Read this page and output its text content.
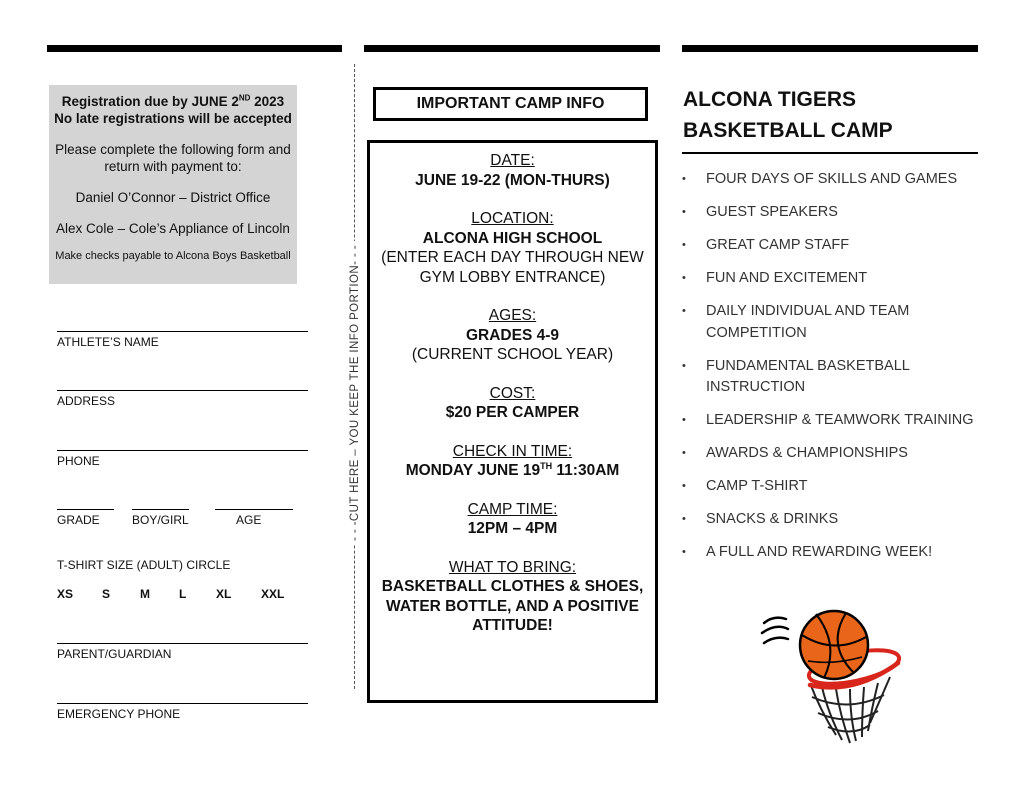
Registration due by JUNE 2ND 2023

No late registrations will be accepted

Please complete the following form and return with payment to:

Daniel O’Connor – District Office

Alex Cole – Cole’s Appliance of Lincoln

Make checks payable to Alcona Boys Basketball

ATHLETE’S NAME
ADDRESS
PHONE
GRADE	BOY/GIRL	AGE
T-SHIRT SIZE (ADULT) CIRCLE
XS S M L XL XXL
PARENT/GUARDIAN
EMERGENCY PHONE
- - -CUT HERE – YOU KEEP THE INFO PORTION- - -
IMPORTANT CAMP INFO

DATE:

JUNE 19-22 (MON-THURS)

LOCATION:

ALCONA HIGH SCHOOL

(ENTER EACH DAY THROUGH NEW GYM LOBBY ENTRANCE)

AGES:

GRADES 4-9

(CURRENT SCHOOL YEAR)

COST:

$20 PER CAMPER

CHECK IN TIME:

MONDAY JUNE 19TH 11:30AM

CAMP TIME:

12PM – 4PM

WHAT TO BRING:

BASKETBALL CLOTHES & SHOES, WATER BOTTLE, AND A POSITIVE ATTITUDE!

ALCONA TIGERS
BASKETBALL CAMP
• FOUR DAYS OF SKILLS AND GAMES
• GUEST SPEAKERS
• GREAT CAMP STAFF
• FUN AND EXCITEMENT
• DAILY INDIVIDUAL AND TEAM COMPETITION
• FUNDAMENTAL BASKETBALL INSTRUCTION
• LEADERSHIP & TEAMWORK TRAINING
• AWARDS & CHAMPIONSHIPS
• CAMP T-SHIRT
• SNACKS & DRINKS
• A FULL AND REWARDING WEEK!
